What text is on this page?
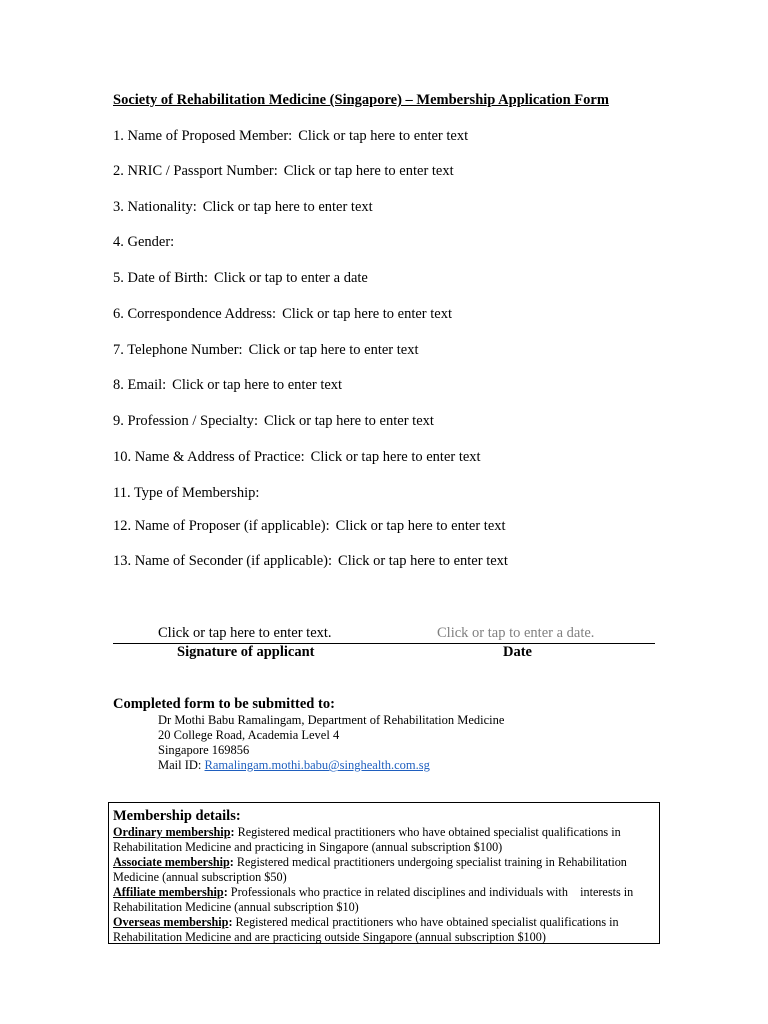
Society of Rehabilitation Medicine (Singapore) – Membership Application Form
1. Name of Proposed Member: Click or tap here to enter text
2. NRIC / Passport Number: Click or tap here to enter text
3. Nationality: Click or tap here to enter text
4. Gender:
5. Date of Birth: Click or tap to enter a date
6. Correspondence Address: Click or tap here to enter text
7. Telephone Number: Click or tap here to enter text
8. Email: Click or tap here to enter text
9. Profession / Specialty: Click or tap here to enter text
10. Name & Address of Practice: Click or tap here to enter text
11. Type of Membership:
12. Name of Proposer (if applicable): Click or tap here to enter text
13. Name of Seconder (if applicable): Click or tap here to enter text
Click or tap here to enter text.	Click or tap to enter a date.
Signature of applicant	Date
Completed form to be submitted to:
Dr Mothi Babu Ramalingam, Department of Rehabilitation Medicine
20 College Road, Academia Level 4
Singapore 169856
Mail ID: Ramalingam.mothi.babu@singhealth.com.sg
Membership details:
Ordinary membership: Registered medical practitioners who have obtained specialist qualifications in Rehabilitation Medicine and practicing in Singapore (annual subscription $100)
Associate membership: Registered medical practitioners undergoing specialist training in Rehabilitation Medicine (annual subscription $50)
Affiliate membership: Professionals who practice in related disciplines and individuals with    interests in Rehabilitation Medicine (annual subscription $10)
Overseas membership: Registered medical practitioners who have obtained specialist qualifications in Rehabilitation Medicine and are practicing outside Singapore (annual subscription $100)
